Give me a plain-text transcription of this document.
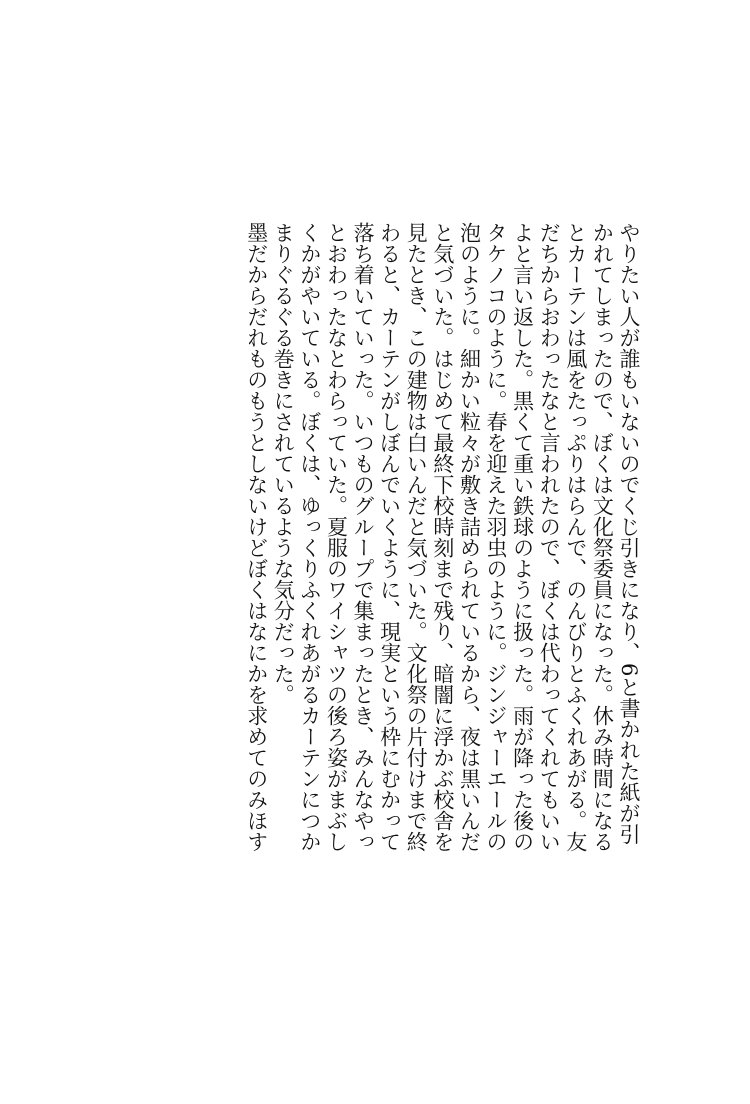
やりたい人が誰もいないのでくじ引きになり、6と書かれた紙が引かれてしまったので、ぼくは文化祭委員になった。休み時間になるとカーテンは風をたっぷりはらんで、のんびりとふくれあがる。友だちからおわったなと言われたので、ぼくは代わってくれてもいいよと言い返した。黒くて重い鉄球のように扱った。雨が降った後のタケノコのように。春を迎えた羽虫のように。ジンジャーエールの泡のように。細かい粒々が敷き詰められているから、夜は黒いんだと気づいた。はじめて最終下校時刻まで残り、暗闇に浮かぶ校舎を見たとき、この建物は白いんだと気づいた。文化祭の片付けまで終わると、カーテンがしぼんでいくように、現実という枠にむかって落ち着いていった。いつものグループで集まったとき、みんなやっとおわったなとわらっていた。夏服のワイシャツの後ろ姿がまぶしくかがやいている。ぼくは、ゆっくりふくれあがるカーテンにつかまりぐるぐる巻きにされているような気分だった。

墨だからだれものもうとしないけどぼくはなにかを求めてのみほす
